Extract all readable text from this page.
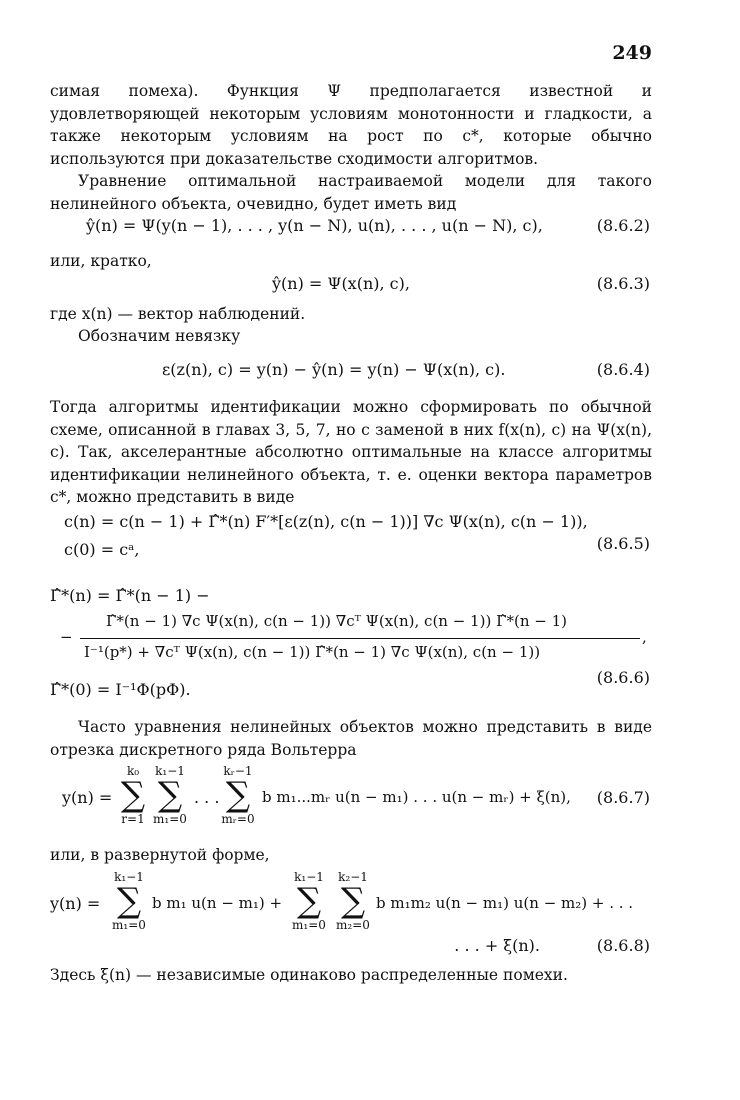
249

симая помеха). Функция Ψ предполагается известной и удовлетворяющей некоторым условиям монотонности и гладкости, а также некоторым условиям на рост по c*, которые обычно используются при доказательстве сходимости алгоритмов.

Уравнение оптимальной настраиваемой модели для такого нелинейного объекта, очевидно, будет иметь вид

ŷ(n) = Ψ(y(n − 1), . . . , y(n − N), u(n), . . . , u(n − N), c),	(8.6.2)
или, кратко,
ŷ(n) = Ψ(x(n), c),	(8.6.3)
где x(n) — вектор наблюдений.
Обозначим невязку
ε(z(n), c) = y(n) − ŷ(n) = y(n) − Ψ(x(n), c).	(8.6.4)

Тогда алгоритмы идентификации можно сформировать по обычной схеме, описанной в главах 3, 5, 7, но с заменой в них f(x(n), c) на Ψ(x(n), c). Так, акселерантные абсолютно оптимальные на классе алгоритмы идентификации нелинейного объекта, т. е. оценки вектора параметров c*, можно представить в виде

c(n) = c(n − 1) + Γ̂*(n) F′*[ε(z(n), c(n − 1))] ∇c Ψ(x(n), c(n − 1)),
c(0) = cᵃ,	(8.6.5)
Γ̂*(n) = Γ̂*(n − 1) −
−
Γ̂*(n − 1) ∇c Ψ(x(n), c(n − 1)) ∇cᵀ Ψ(x(n), c(n − 1)) Γ̂*(n − 1)
I⁻¹(p*) + ∇cᵀ Ψ(x(n), c(n − 1)) Γ̂*(n − 1) ∇c Ψ(x(n), c(n − 1))
,
Γ̂*(0) = I⁻¹Φ(pΦ).
(8.6.6)

Часто уравнения нелинейных объектов можно представить в виде отрезка дискретного ряда Вольтерра

y(n) =
k₀
∑
r=1
k₁−1
∑
m₁=0
. . .
kᵣ−1
∑
mᵣ=0
b m₁...mᵣ u(n − m₁) . . . u(n − mᵣ) + ξ(n), (8.6.7)
или, в развернутой форме,
y(n) =
k₁−1
∑
m₁=0
b m₁ u(n − m₁) +
k₁−1
∑
m₁=0
k₂−1
∑
m₂=0
b m₁m₂ u(n − m₁) u(n − m₂) + . . .
. . . + ξ(n).	(8.6.8)
Здесь ξ(n) — независимые одинаково распределенные помехи.
